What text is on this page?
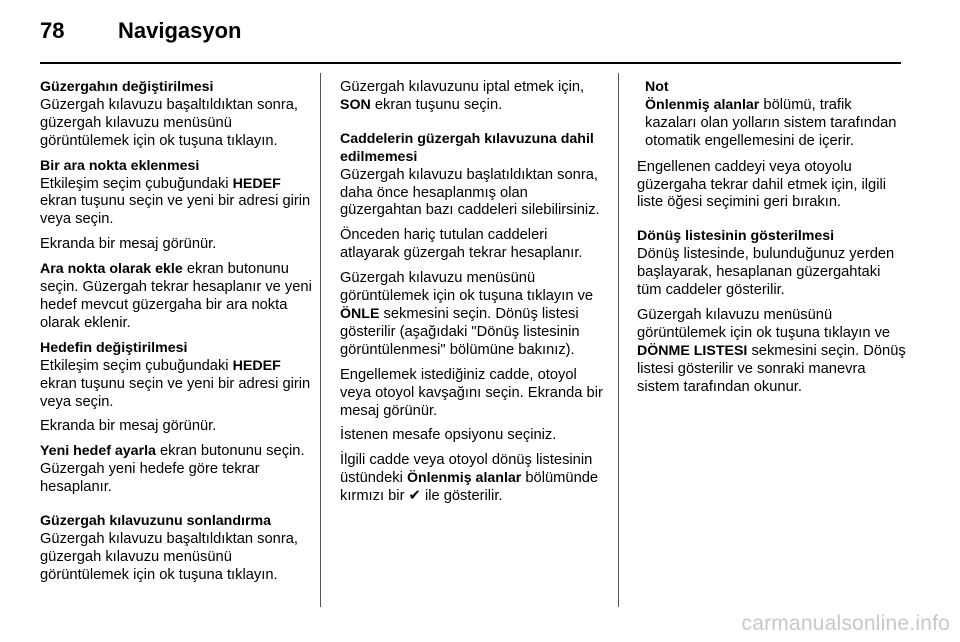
78 Navigasyon
Güzergahın değiştirilmesi

Güzergah kılavuzu başaltıldıktan sonra, güzergah kılavuzu menüsünü görüntülemek için ok tuşuna tıklayın.

Bir ara nokta eklenmesi

Etkileşim seçim çubuğundaki HEDEF ekran tuşunu seçin ve yeni bir adresi girin veya seçin.

Ekranda bir mesaj görünür.

Ara nokta olarak ekle ekran butonunu seçin. Güzergah tekrar hesaplanır ve yeni hedef mevcut güzergaha bir ara nokta olarak eklenir.

Hedefin değiştirilmesi

Etkileşim seçim çubuğundaki HEDEF ekran tuşunu seçin ve yeni bir adresi girin veya seçin.

Ekranda bir mesaj görünür.

Yeni hedef ayarla ekran butonunu seçin. Güzergah yeni hedefe göre tekrar hesaplanır.

Güzergah kılavuzunu sonlandırma

Güzergah kılavuzu başaltıldıktan sonra, güzergah kılavuzu menüsünü görüntülemek için ok tuşuna tıklayın.

Güzergah kılavuzunu iptal etmek için, SON ekran tuşunu seçin.

Caddelerin güzergah kılavuzuna dahil edilmemesi

Güzergah kılavuzu başlatıldıktan sonra, daha önce hesaplanmış olan güzergahtan bazı caddeleri silebilirsiniz.

Önceden hariç tutulan caddeleri atlayarak güzergah tekrar hesaplanır.

Güzergah kılavuzu menüsünü görüntülemek için ok tuşuna tıklayın ve ÖNLE sekmesini seçin. Dönüş listesi gösterilir (aşağıdaki "Dönüş listesinin görüntülenmesi" bölümüne bakınız).

Engellemek istediğiniz cadde, otoyol veya otoyol kavşağını seçin. Ekranda bir mesaj görünür.

İstenen mesafe opsiyonu seçiniz.

İlgili cadde veya otoyol dönüş listesinin üstündeki Önlenmiş alanlar bölümünde kırmızı bir ✔ ile gösterilir.

Not
Önlenmiş alanlar bölümü, trafik kazaları olan yolların sistem tarafından otomatik engellemesini de içerir.

Engellenen caddeyi veya otoyolu güzergaha tekrar dahil etmek için, ilgili liste öğesi seçimini geri bırakın.

Dönüş listesinin gösterilmesi

Dönüş listesinde, bulunduğunuz yerden başlayarak, hesaplanan güzergahtaki tüm caddeler gösterilir.

Güzergah kılavuzu menüsünü görüntülemek için ok tuşuna tıklayın ve DÖNME LISTESI sekmesini seçin. Dönüş listesi gösterilir ve sonraki manevra sistem tarafından okunur.

carmanualsonline.info
